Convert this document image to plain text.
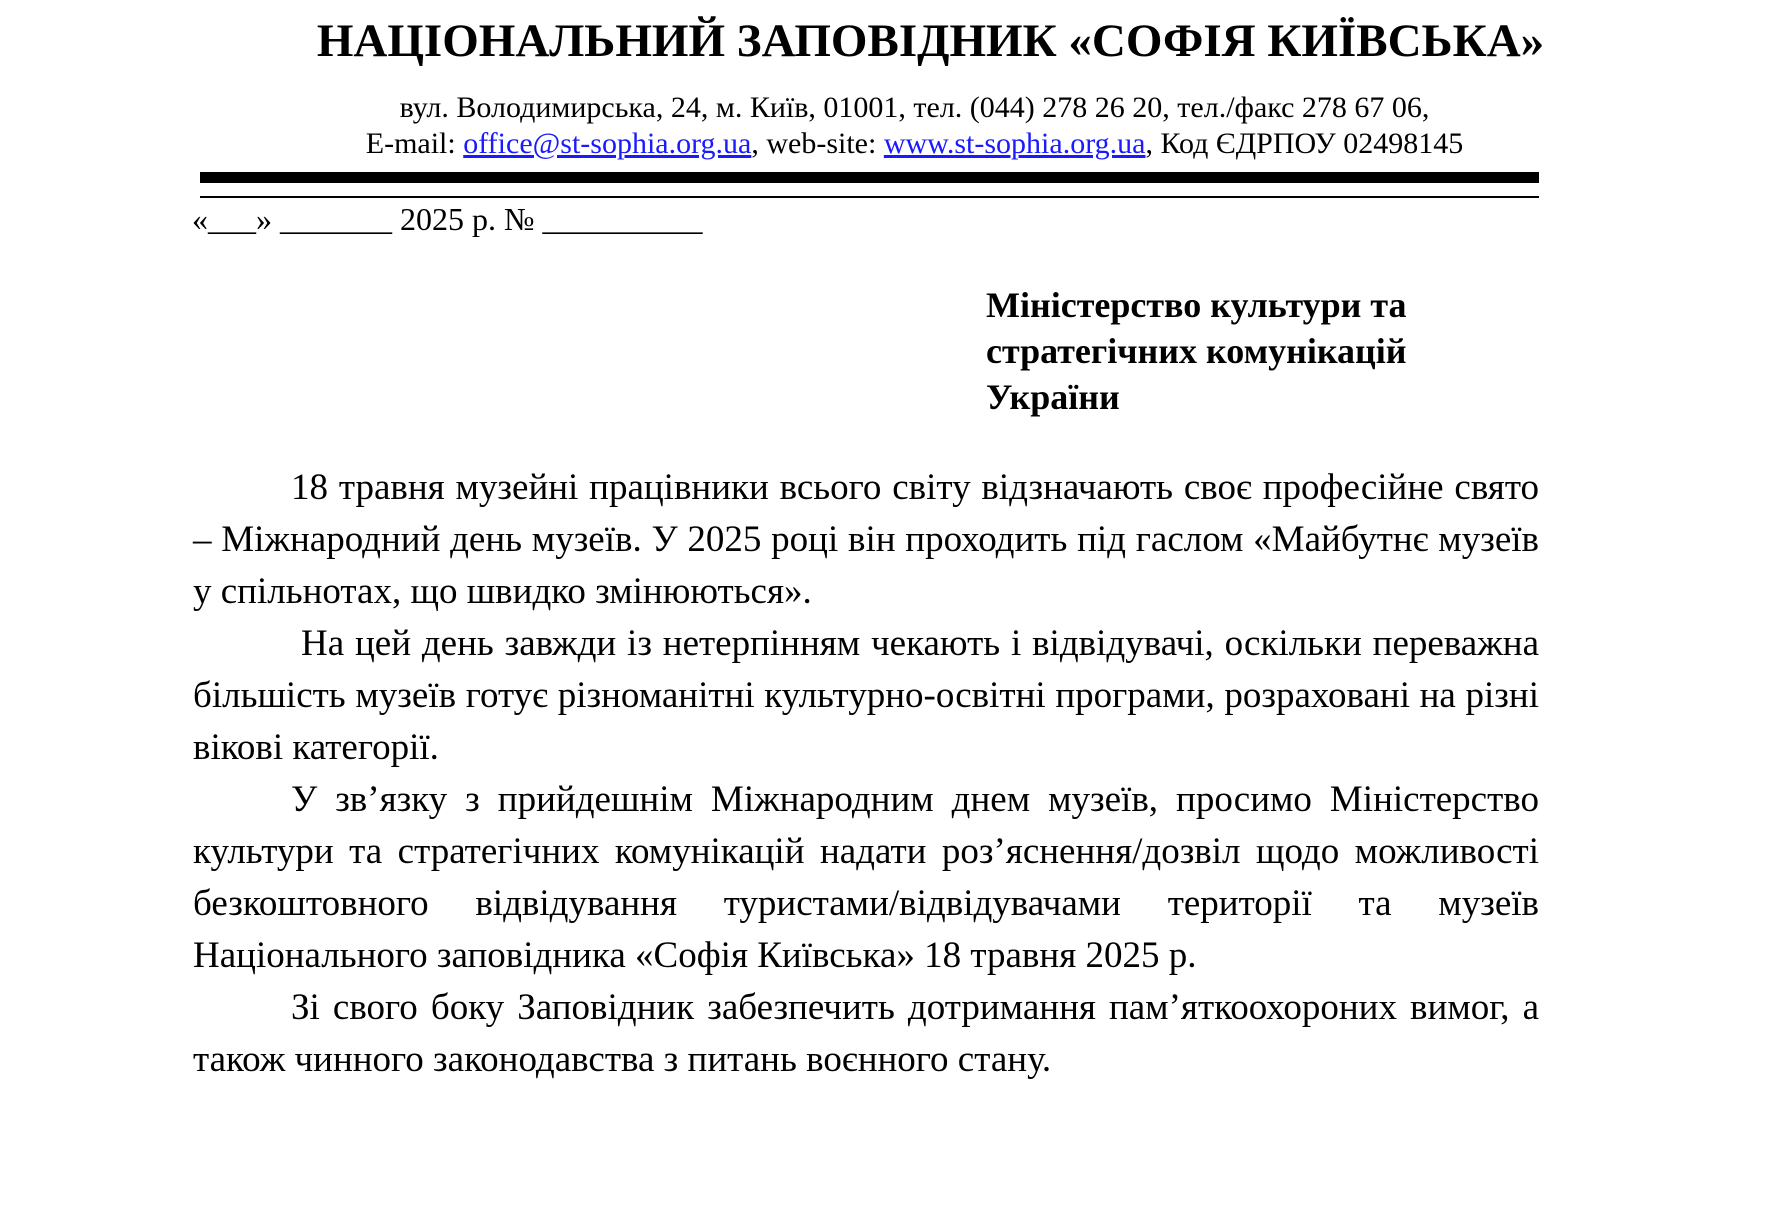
НАЦІОНАЛЬНИЙ ЗАПОВІДНИК «СОФІЯ КИЇВСЬКА»
вул. Володимирська, 24, м. Київ, 01001, тел. (044) 278 26 20, тел./факс 278 67 06,
E-mail: office@st-sophia.org.ua, web-site: www.st-sophia.org.ua, Код ЄДРПОУ 02498145
«___» _______ 2025 р. № __________
Міністерство культури та
стратегічних комунікацій
України

18 травня музейні працівники всього світу відзначають своє професійне свято – Міжнародний день музеїв. У 2025 році він проходить під гаслом «Майбутнє музеїв у спільнотах, що швидко змінюються».

На цей день завжди із нетерпінням чекають і відвідувачі, оскільки переважна більшість музеїв готує різноманітні культурно-освітні програми, розраховані на різні вікові категорії.

У зв’язку з прийдешнім Міжнародним днем музеїв, просимо Міністерство культури та стратегічних комунікацій надати роз’яснення/дозвіл щодо можливості безкоштовного відвідування туристами/відвідувачами території та музеїв Національного заповідника «Софія Київська» 18 травня 2025 р.

Зі свого боку Заповідник забезпечить дотримання пам’яткоохороних вимог, а також чинного законодавства з питань воєнного стану.
